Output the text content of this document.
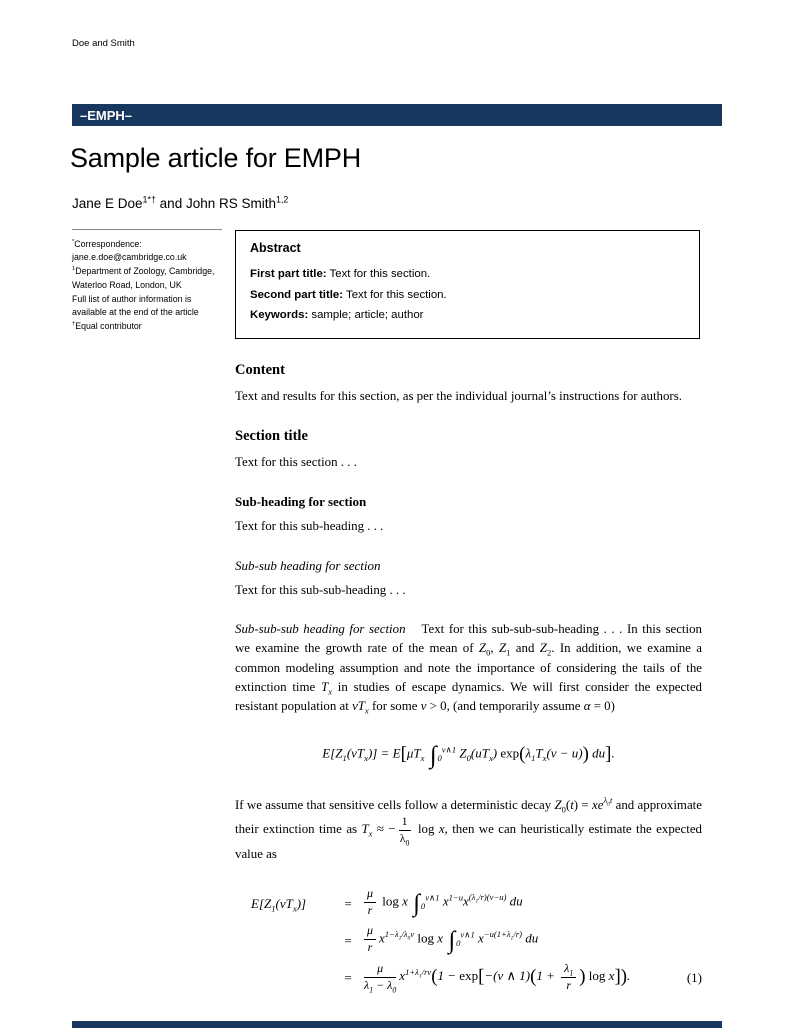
Doe and Smith
–EMPH–
Sample article for EMPH
Jane E Doe$^{1*\dagger}$ and John RS Smith$^{1,2}$
*Correspondence: jane.e.doe@cambridge.co.uk
$^1$Department of Zoology, Cambridge, Waterloo Road, London, UK
Full list of author information is available at the end of the article
†Equal contributor
Abstract
First part title: Text for this section.
Second part title: Text for this section.
Keywords: sample; article; author
Content

Text and results for this section, as per the individual journal’s instructions for authors.

Section title

Text for this section . . .

Sub-heading for section

Text for this sub-heading . . .

Sub-sub heading for section

Text for this sub-sub-heading . . .

Sub-sub-sub heading for section Text for this sub-sub-sub-heading . . . In this section we examine the growth rate of the mean of $Z_0$, $Z_1$ and $Z_2$. In addition, we examine a common modeling assumption and note the importance of considering the tails of the extinction time $T_x$ in studies of escape dynamics. We will first consider the expected resistant population at $vT_x$ for some v > 0, (and temporarily assume α = 0)

$E[Z_1(vT_x)] = E[\mu T_x$ $\int_0^{v\wedge 1}$ $Z_0(uT_x) \exp(\lambda_1T_x(v - u))$ du].

If we assume that sensitive cells follow a deterministic decay $Z_0(t) = xe^{\lambda_0t}$ and approximate their extinction time as $T_x$ ≈ − $\frac{1}{\lambda_0}$ log x, then we can heuristically estimate the expected value as

$E[Z_1(vT_x)]$	= $\frac{\mu}{r}$ log x $\int_0^{v\wedge 1}$ $x^{1-u}x^{(\lambda_1/r)(v-u)}$ du
= $\frac{\mu}{r} x^{1-\lambda_1/\lambda_0v}$ log x $\int_0^{v\wedge 1}$ $x^{-u(1+\lambda_1/r)}$ du
= $\frac{\mu}{\lambda_1 - \lambda_0} x^{1+\lambda_1/rv}(1 - \exp[-(v$ ∧ $1)(1 + \frac{\lambda_1}{r}$ ) log x]).	(1)
